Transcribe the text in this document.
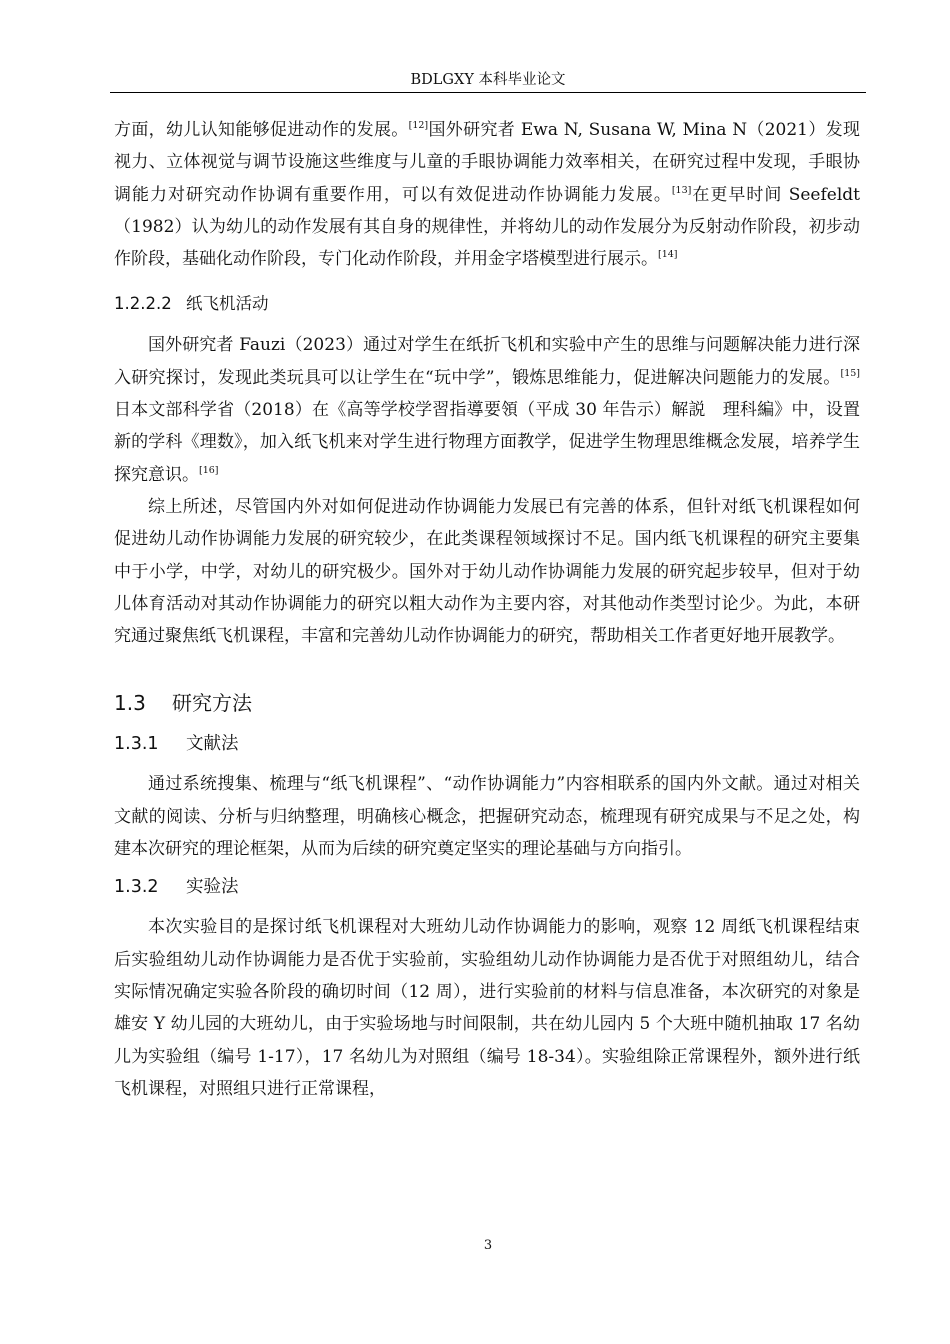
BDLGXY 本科毕业论文

方面，幼儿认知能够促进动作的发展。[12]国外研究者 Ewa N, Susana W, Mina N（2021）发现视力、立体视觉与调节设施这些维度与儿童的手眼协调能力效率相关，在研究过程中发现，手眼协调能力对研究动作协调有重要作用，可以有效促进动作协调能力发展。[13]在更早时间 Seefeldt（1982）认为幼儿的动作发展有其自身的规律性，并将幼儿的动作发展分为反射动作阶段，初步动作阶段，基础化动作阶段，专门化动作阶段，并用金字塔模型进行展示。[14]

1.2.2.2 纸飞机活动

国外研究者 Fauzi（2023）通过对学生在纸折飞机和实验中产生的思维与问题解决能力进行深入研究探讨，发现此类玩具可以让学生在“玩中学”，锻炼思维能力，促进解决问题能力的发展。[15]日本文部科学省（2018）在《高等学校学習指導要領（平成 30 年告示）解説　理科編》中，设置新的学科《理数》，加入纸飞机来对学生进行物理方面教学，促进学生物理思维概念发展，培养学生探究意识。[16]

综上所述，尽管国内外对如何促进动作协调能力发展已有完善的体系，但针对纸飞机课程如何促进幼儿动作协调能力发展的研究较少，在此类课程领域探讨不足。国内纸飞机课程的研究主要集中于小学，中学，对幼儿的研究极少。国外对于幼儿动作协调能力发展的研究起步较早，但对于幼儿体育活动对其动作协调能力的研究以粗大动作为主要内容，对其他动作类型讨论少。为此，本研究通过聚焦纸飞机课程，丰富和完善幼儿动作协调能力的研究，帮助相关工作者更好地开展教学。

1.3 研究方法
1.3.1 文献法

通过系统搜集、梳理与“纸飞机课程”、“动作协调能力”内容相联系的国内外文献。通过对相关文献的阅读、分析与归纳整理，明确核心概念，把握研究动态，梳理现有研究成果与不足之处，构建本次研究的理论框架，从而为后续的研究奠定坚实的理论基础与方向指引。

1.3.2 实验法

本次实验目的是探讨纸飞机课程对大班幼儿动作协调能力的影响，观察 12 周纸飞机课程结束后实验组幼儿动作协调能力是否优于实验前，实验组幼儿动作协调能力是否优于对照组幼儿，结合实际情况确定实验各阶段的确切时间（12 周），进行实验前的材料与信息准备，本次研究的对象是雄安 Y 幼儿园的大班幼儿，由于实验场地与时间限制，共在幼儿园内 5 个大班中随机抽取 17 名幼儿为实验组（编号 1-17），17 名幼儿为对照组（编号 18-34）。实验组除正常课程外，额外进行纸飞机课程，对照组只进行正常课程，

3
